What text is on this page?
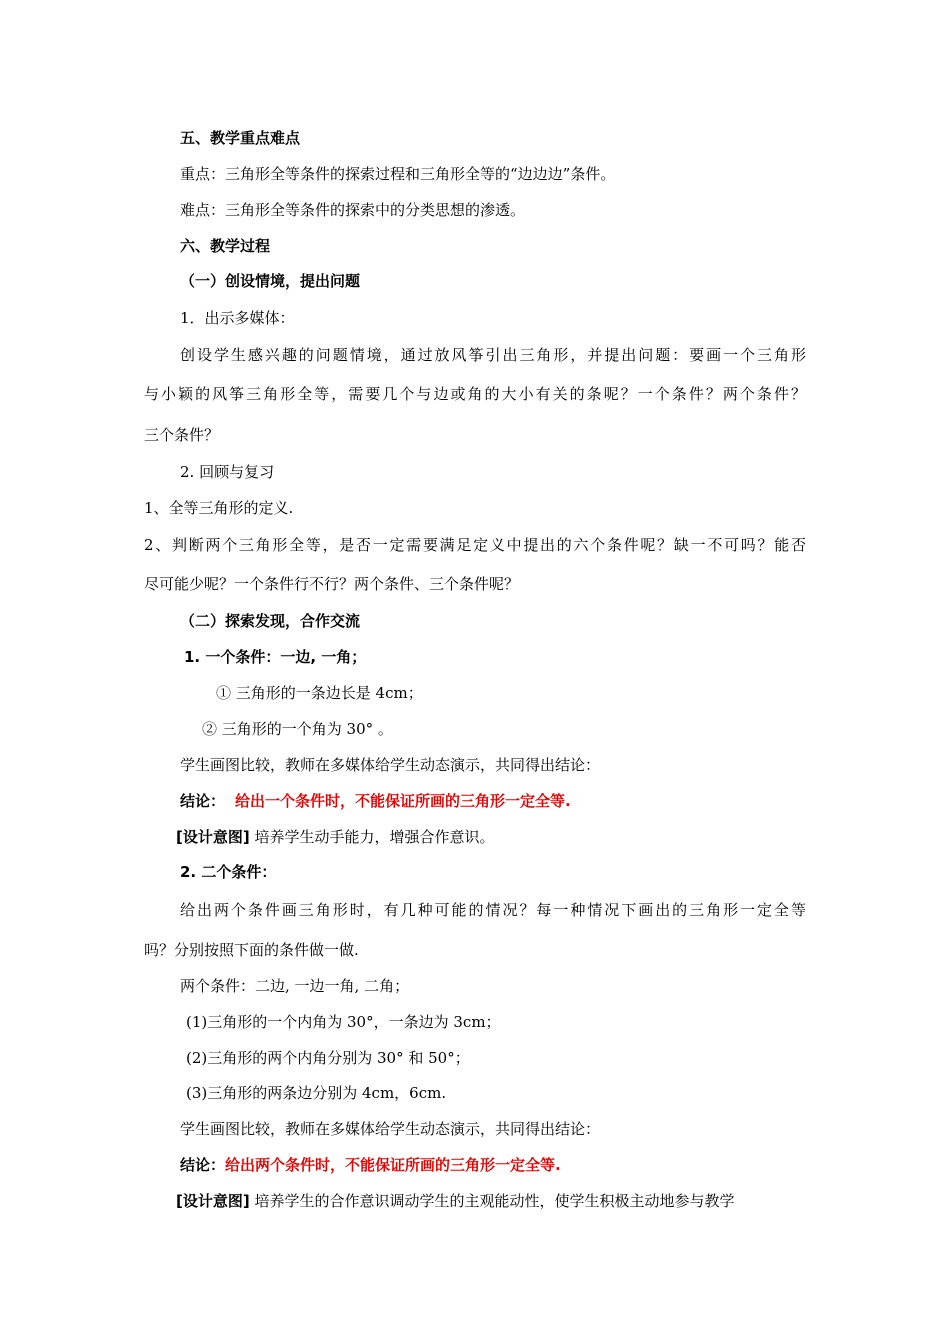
五、教学重点难点
重点：三角形全等条件的探索过程和三角形全等的“边边边”条件。
难点：三角形全等条件的探索中的分类思想的渗透。
六、教学过程
（一）创设情境，提出问题
1．出示多媒体：
创设学生感兴趣的问题情境，通过放风筝引出三角形，并提出问题：要画一个三角形
与小颖的风筝三角形全等，需要几个与边或角的大小有关的条呢？一个条件？两个条件？
三个条件？
2. 回顾与复习
1、全等三角形的定义.
2、判断两个三角形全等，是否一定需要满足定义中提出的六个条件呢？缺一不可吗？能否
尽可能少呢？一个条件行不行？两个条件、三个条件呢？
（二）探索发现，合作交流
1. 一个条件：一边, 一角；
① 三角形的一条边长是 4cm；
② 三角形的一个角为 30° 。
学生画图比较，教师在多媒体给学生动态演示，共同得出结论：
结论： 给出一个条件时，不能保证所画的三角形一定全等.
[设计意图] 培养学生动手能力，增强合作意识。
2. 二个条件：
给出两个条件画三角形时，有几种可能的情况？每一种情况下画出的三角形一定全等
吗？分别按照下面的条件做一做.
两个条件：二边, 一边一角, 二角；
(1)三角形的一个内角为 30°，一条边为 3cm；
(2)三角形的两个内角分别为 30° 和 50°；
(3)三角形的两条边分别为 4cm，6cm.
学生画图比较，教师在多媒体给学生动态演示，共同得出结论：
结论：给出两个条件时，不能保证所画的三角形一定全等.
[设计意图] 培养学生的合作意识调动学生的主观能动性，使学生积极主动地参与教学
